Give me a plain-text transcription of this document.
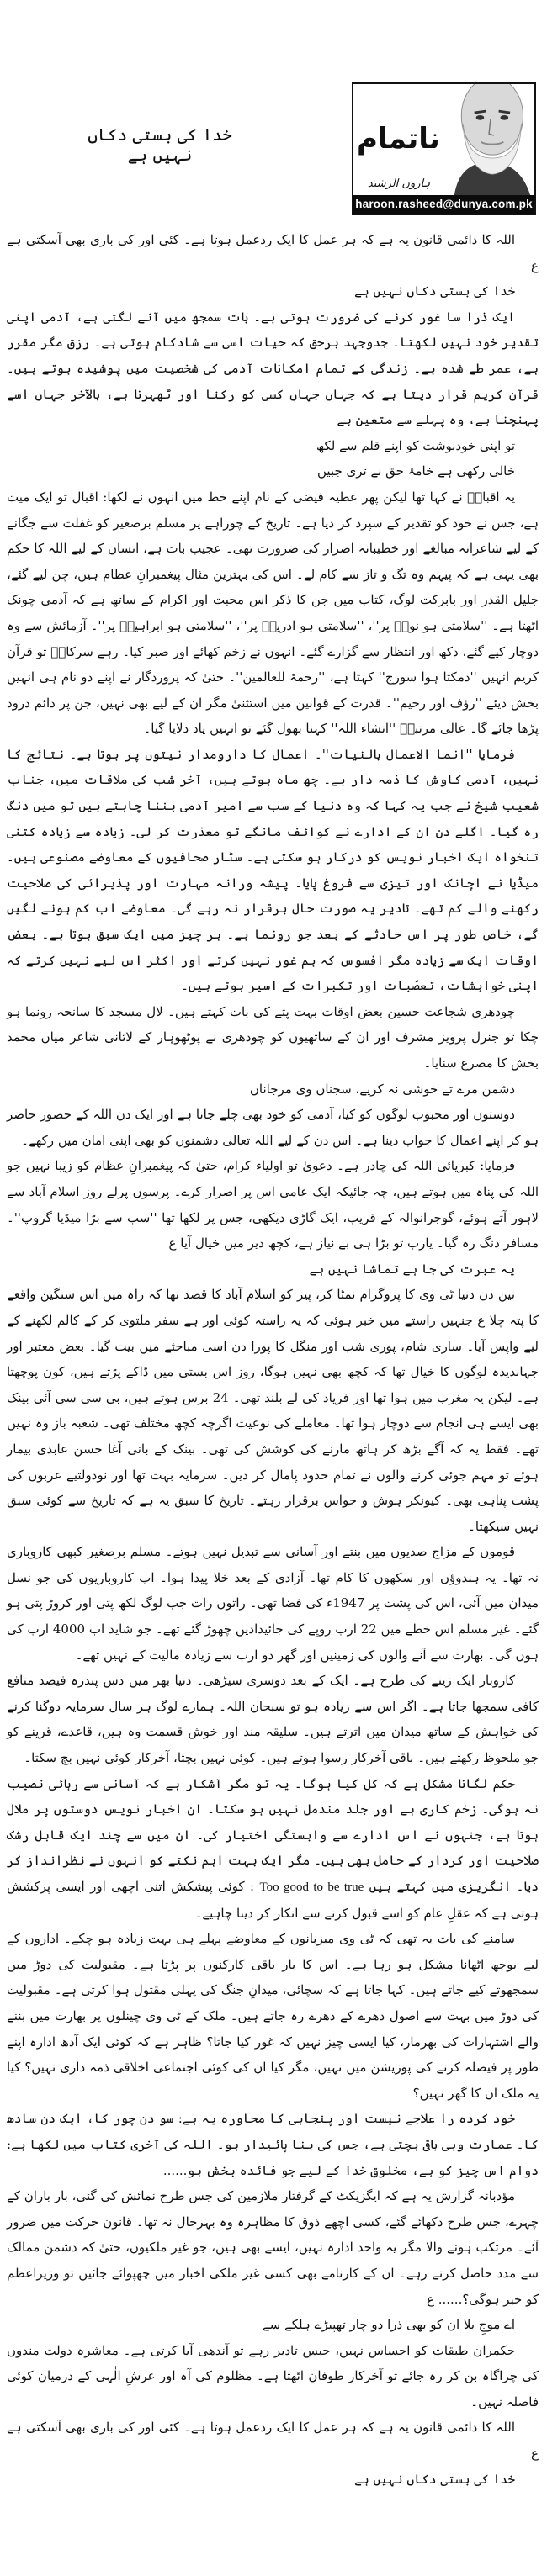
خدا کی بستی دکاں نہیں ہے	ناتمام
ہارون الرشید
haroon.rasheed@dunya.com.pk

اللہ کا دائمی قانون یہ ہے کہ ہر عمل کا ایک ردعمل ہوتا ہے۔ کئی اور کی باری بھی آسکتی ہے ع

خدا کی بستی دکاں نہیں ہے

ایک ذرا سا غور کرنے کی ضرورت ہوتی ہے۔ بات سمجھ میں آنے لگتی ہے، آدمی اپنی تقدیر خود نہیں لکھتا۔ جدوجہد برحق کہ حیات اسی سے شادکام ہوتی ہے۔ رزق مگر مقرر ہے، عمر طے شدہ ہے۔ زندگی کے تمام امکانات آدمی کی شخصیت میں پوشیدہ ہوتے ہیں۔ قرآن کریم قرار دیتا ہے کہ جہاں جہاں کسی کو رکنا اور ٹھہرنا ہے، بالآخر جہاں اسے پہنچنا ہے، وہ پہلے سے متعین ہے

تو اپنی خودنوشت کو اپنے قلم سے لکھ

خالی رکھی ہے خامۂ حق نے تری جبیں

یہ اقبالؒ نے کہا تھا لیکن پھر عطیہ فیضی کے نام اپنے خط میں انہوں نے لکھا: اقبال تو ایک میت ہے، جس نے خود کو تقدیر کے سپرد کر دیا ہے۔ تاریخ کے چوراہے پر مسلم برصغیر کو غفلت سے جگانے کے لیے شاعرانہ مبالغے اور خطیبانہ اصرار کی ضرورت تھی۔ عجیب بات ہے، انسان کے لیے اللہ کا حکم بھی یہی ہے کہ پیہم وہ تگ و تاز سے کام لے۔ اس کی بہترین مثال پیغمبرانِ عظام ہیں، چن لیے گئے، جلیل القدر اور بابرکت لوگ، کتاب میں جن کا ذکر اس محبت اور اکرام کے ساتھ ہے کہ آدمی چونک اٹھتا ہے۔ ''سلامتی ہو نوحؑ پر''، ''سلامتی ہو ادریسؑ پر''، ''سلامتی ہو ابراہیمؑ پر''۔ آزمائش سے وہ دوچار کیے گئے، دکھ اور انتظار سے گزارے گئے۔ انہوں نے زخم کھائے اور صبر کیا۔ رہے سرکارؐ تو قرآن کریم انہیں ''دمکتا ہوا سورج'' کہتا ہے، ''رحمۃ للعالمین''۔ حتیٰ کہ پروردگار نے اپنے دو نام ہی انہیں بخش دیئے ''رؤف اور رحیم''۔ قدرت کے قوانین میں استثنیٰ مگر ان کے لیے بھی نہیں، جن پر دائم درود پڑھا جائے گا۔ عالی مرتبتؐ ''انشاء اللہ'' کہنا بھول گئے تو انہیں یاد دلایا گیا۔

فرمایا ''انما الاعمال بالنیات''۔ اعمال کا دارومدار نیتوں پر ہوتا ہے۔ نتائج کا نہیں، آدمی کاوش کا ذمہ دار ہے۔ چھ ماہ ہوتے ہیں، آخر شب کی ملاقات میں، جناب شعیب شیخ نے جب یہ کہا کہ وہ دنیا کے سب سے امیر آدمی بننا چاہتے ہیں تو میں دنگ رہ گیا۔ اگلے دن ان کے ادارے نے کوائف مانگے تو معذرت کر لی۔ زیادہ سے زیادہ کتنی تنخواہ ایک اخبار نویس کو درکار ہو سکتی ہے۔ سٹار صحافیوں کے معاوضے مصنوعی ہیں۔ میڈیا نے اچانک اور تیزی سے فروغ پایا۔ پیشہ ورانہ مہارت اور پذیرائی کی صلاحیت رکھنے والے کم تھے۔ تادیر یہ صورت حال برقرار نہ رہے گی۔ معاوضے اب کم ہونے لگیں گے، خاص طور پر اس حادثے کے بعد جو رونما ہے۔ ہر چیز میں ایک سبق ہوتا ہے۔ بعض اوقات ایک سے زیادہ مگر افسوس کہ ہم غور نہیں کرتے اور اکثر اس لیے نہیں کرتے کہ اپنی خواہشات، تعصّبات اور تکبرات کے اسیر ہوتے ہیں۔

چودھری شجاعت حسین بعض اوقات بہت پتے کی بات کہتے ہیں۔ لال مسجد کا سانحہ رونما ہو چکا تو جنرل پرویز مشرف اور ان کے ساتھیوں کو چودھری نے پوٹھوہار کے لاثانی شاعر میاں محمد بخش کا مصرع سنایا۔

دشمن مرے تے خوشی نہ کریے، سجناں وی مرجاناں

دوستوں اور محبوب لوگوں کو کیا، آدمی کو خود بھی چلے جانا ہے اور ایک دن اللہ کے حضور حاضر ہو کر اپنے اعمال کا جواب دینا ہے۔ اس دن کے لیے اللہ تعالیٰ دشمنوں کو بھی اپنی امان میں رکھے۔

فرمایا: کبریائی اللہ کی چادر ہے۔ دعویٰ تو اولیاء کرام، حتیٰ کہ پیغمبرانِ عظام کو زیبا نہیں جو اللہ کی پناہ میں ہوتے ہیں، چہ جائیکہ ایک عامی اس پر اصرار کرے۔ پرسوں پرلے روز اسلام آباد سے لاہور آتے ہوئے، گوجرانوالہ کے قریب، ایک گاڑی دیکھی، جس پر لکھا تھا ''سب سے بڑا میڈیا گروپ''۔ مسافر دنگ رہ گیا۔ یارب تو بڑا ہی بے نیاز ہے، کچھ دیر میں خیال آیا ع

یہ عبرت کی جا ہے تماشا نہیں ہے

تین دن دنیا ٹی وی کا پروگرام نمٹا کر، پیر کو اسلام آباد کا قصد تھا کہ راہ میں اس سنگین واقعے کا پتہ چلا ع جنہیں راستے میں خبر ہوئی کہ یہ راستہ کوئی اور ہے سفر ملتوی کر کے کالم لکھنے کے لیے واپس آیا۔ ساری شام، پوری شب اور منگل کا پورا دن اسی مباحثے میں بیت گیا۔ بعض معتبر اور جہاندیدہ لوگوں کا خیال تھا کہ کچھ بھی نہیں ہوگا، روز اس بستی میں ڈاکے پڑتے ہیں، کون پوچھتا ہے۔ لیکن یہ مغرب میں ہوا تھا اور فریاد کی لے بلند تھی۔ 24 برس ہوتے ہیں، بی سی سی آئی بینک بھی ایسے ہی انجام سے دوچار ہوا تھا۔ معاملے کی نوعیت اگرچہ کچھ مختلف تھی۔ شعبہ باز وہ نہیں تھے۔ فقط یہ کہ آگے بڑھ کر ہاتھ مارنے کی کوشش کی تھی۔ بینک کے بانی آغا حسن عابدی بیمار ہوئے تو مہم جوئی کرنے والوں نے تمام حدود پامال کر دیں۔ سرمایہ بہت تھا اور نودولتیے عربوں کی پشت پناہی بھی۔ کیونکر ہوش و حواس برقرار رہتے۔ تاریخ کا سبق یہ ہے کہ تاریخ سے کوئی سبق نہیں سیکھتا۔

قوموں کے مزاج صدیوں میں بنتے اور آسانی سے تبدیل نہیں ہوتے۔ مسلم برصغیر کبھی کاروباری نہ تھا۔ یہ ہندوؤں اور سکھوں کا کام تھا۔ آزادی کے بعد خلا پیدا ہوا۔ اب کاروباریوں کی جو نسل میدان میں آئی، اس کی پشت پر 1947ء کی فضا تھی۔ راتوں رات جب لوگ لکھ پتی اور کروڑ پتی ہو گئے۔ غیر مسلم اس خطے میں 22 ارب روپے کی جائیدادیں چھوڑ گئے تھے۔ جو شاید اب 4000 ارب کی ہوں گی۔ بھارت سے آنے والوں کی زمینیں اور گھر دو ارب سے زیادہ مالیت کے نہیں تھے۔

کاروبار ایک زینے کی طرح ہے۔ ایک کے بعد دوسری سیڑھی۔ دنیا بھر میں دس پندرہ فیصد منافع کافی سمجھا جاتا ہے۔ اگر اس سے زیادہ ہو تو سبحان اللہ۔ ہمارے لوگ ہر سال سرمایہ دوگنا کرنے کی خواہش کے ساتھ میدان میں اترتے ہیں۔ سلیقہ مند اور خوش قسمت وہ ہیں، قاعدے، قرینے کو جو ملحوظ رکھتے ہیں۔ باقی آخرکار رسوا ہوتے ہیں۔ کوئی نہیں بچتا، آخرکار کوئی نہیں بچ سکتا۔

حکم لگانا مشکل ہے کہ کل کیا ہوگا۔ یہ تو مگر آشکار ہے کہ آسانی سے رہائی نصیب نہ ہوگی۔ زخم کاری ہے اور جلد مندمل نہیں ہو سکتا۔ ان اخبار نویس دوستوں پر ملال ہوتا ہے، جنہوں نے اس ادارے سے وابستگی اختیار کی۔ ان میں سے چند ایک قابل رشک صلاحیت اور کردار کے حامل بھی ہیں۔ مگر ایک بہت اہم نکتے کو انہوں نے نظرانداز کر دیا۔ انگریزی میں کہتے ہیں Too good to be true : کوئی پیشکش اتنی اچھی اور ایسی پرکشش ہوتی ہے کہ عقلِ عام کو اسے قبول کرنے سے انکار کر دینا چاہیے۔

سامنے کی بات یہ تھی کہ ٹی وی میزبانوں کے معاوضے پہلے ہی بہت زیادہ ہو چکے۔ اداروں کے لیے بوجھ اٹھانا مشکل ہو رہا ہے۔ اس کا بار باقی کارکنوں پر پڑتا ہے۔ مقبولیت کی دوڑ میں سمجھوتے کیے جاتے ہیں۔ کہا جاتا ہے کہ سچائی، میدانِ جنگ کی پہلی مقتول ہوا کرتی ہے۔ مقبولیت کی دوڑ میں بہت سے اصول دھرے کے دھرے رہ جاتے ہیں۔ ملک کے ٹی وی چینلوں پر بھارت میں بننے والے اشتہارات کی بھرمار، کیا ایسی چیز نہیں کہ غور کیا جاتا؟ ظاہر ہے کہ کوئی ایک آدھ ادارہ اپنے طور پر فیصلہ کرنے کی پوزیشن میں نہیں، مگر کیا ان کی کوئی اجتماعی اخلاقی ذمہ داری نہیں؟ کیا یہ ملک ان کا گھر نہیں؟

خود کردہ را علاجے نیست اور پنجابی کا محاورہ یہ ہے: سو دن چور کا، ایک دن سادھ کا۔ عمارت وہی باقی بچتی ہے، جس کی بنا پائیدار ہو۔ اللہ کی آخری کتاب میں لکھا ہے: دوام اس چیز کو ہے، مخلوقِ خدا کے لیے جو فائدہ بخش ہو......

مؤدبانہ گزارش یہ ہے کہ ایگزیکٹ کے گرفتار ملازمین کی جس طرح نمائش کی گئی، بار باران کے چہرے، جس طرح دکھائے گئے، کسی اچھے ذوق کا مظاہرہ وہ بہرحال نہ تھا۔ قانون حرکت میں ضرور آئے۔ مرتکب ہونے والا مگر یہ واحد ادارہ نہیں، ایسے بھی ہیں، جو غیر ملکیوں، حتیٰ کہ دشمن ممالک سے مدد حاصل کرتے رہے۔ ان کے کارنامے بھی کسی غیر ملکی اخبار میں چھپوائے جائیں تو وزیراعظم کو خبر ہوگی؟...... ع

اے موجِ بلا ان کو بھی ذرا دو چار تھپیڑے ہلکے سے

حکمران طبقات کو احساس نہیں، حبس تادیر رہے تو آندھی آیا کرتی ہے۔ معاشرہ دولت مندوں کی چراگاہ بن کر رہ جائے تو آخرکار طوفان اٹھتا ہے۔ مظلوم کی آہ اور عرشِ الٰہی کے درمیان کوئی فاصلہ نہیں۔

اللہ کا دائمی قانون یہ ہے کہ ہر عمل کا ایک ردعمل ہوتا ہے۔ کئی اور کی باری بھی آسکتی ہے ع

خدا کی بستی دکاں نہیں ہے
